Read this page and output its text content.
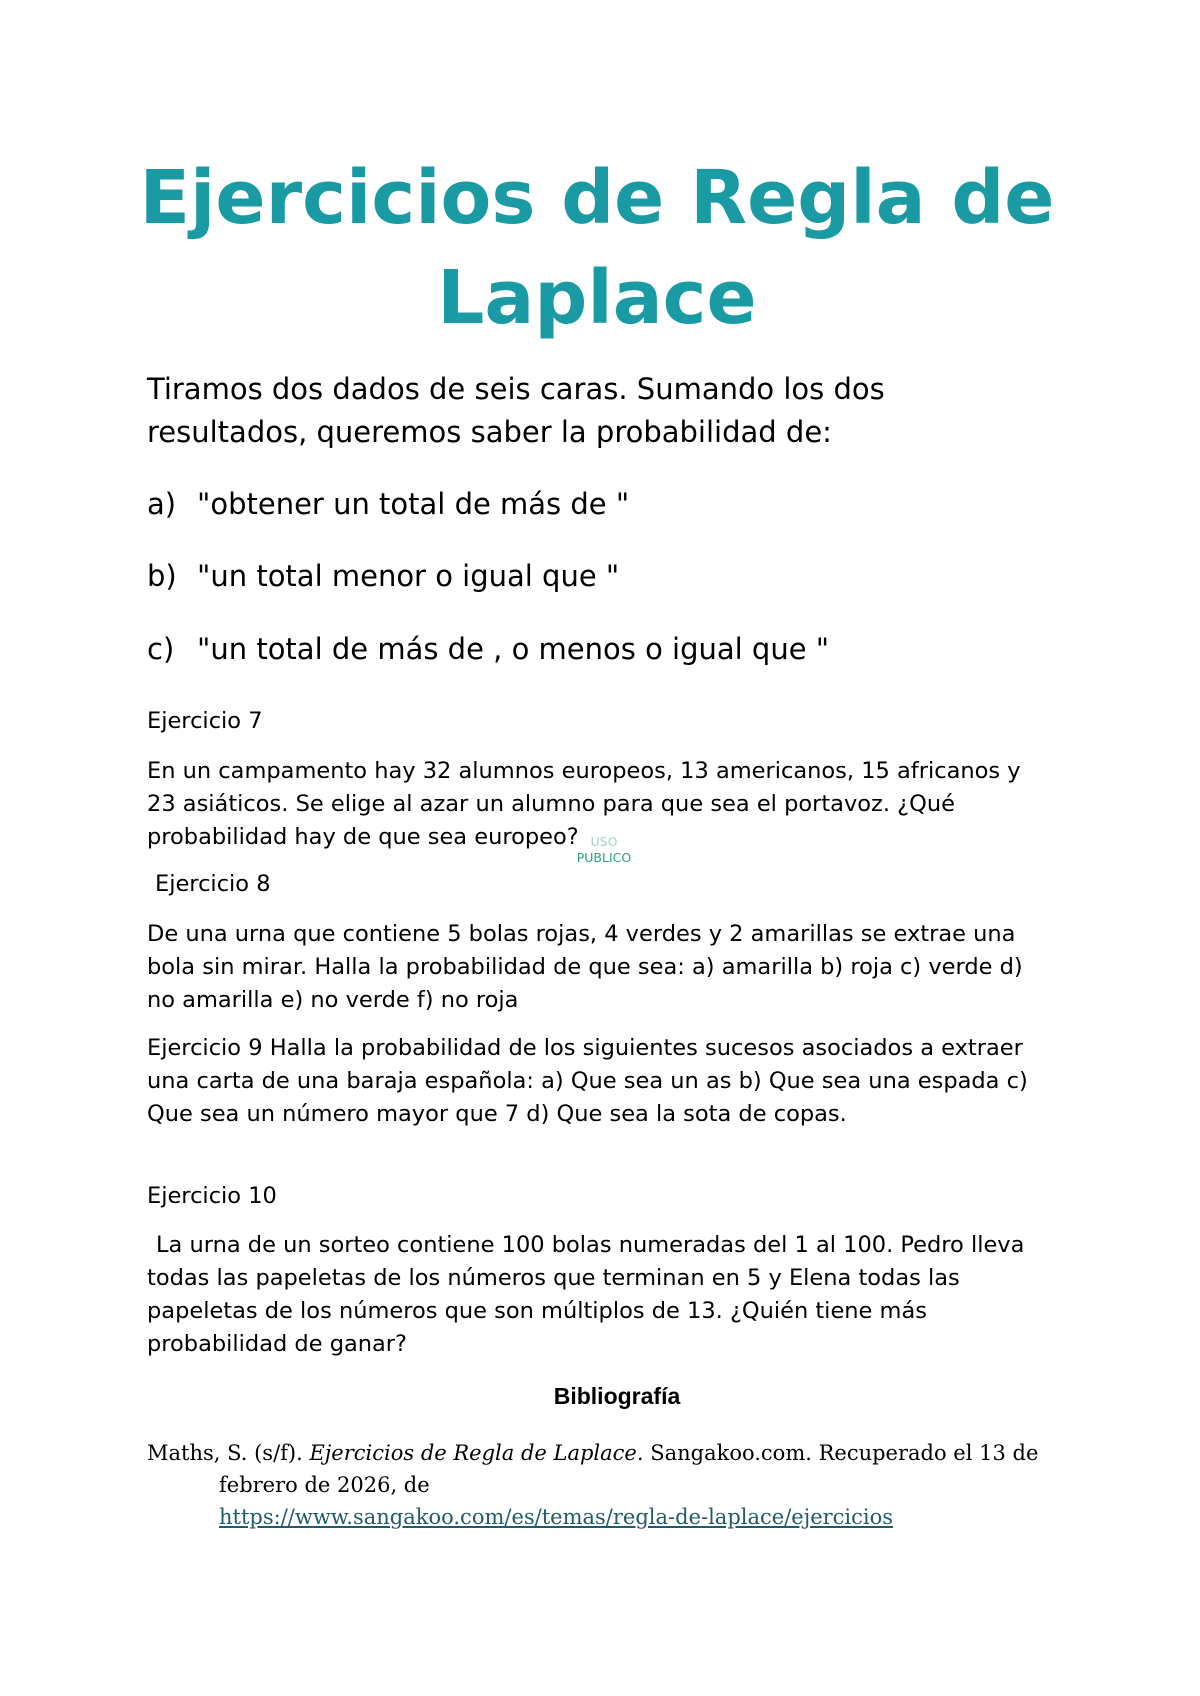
Ejercicios de Regla de Laplace

Tiramos dos dados de seis caras. Sumando los dos resultados, queremos saber la probabilidad de:

a) "obtener un total de más de "

b) "un total menor o igual que "

c) "un total de más de , o menos o igual que "

Ejercicio 7

En un campamento hay 32 alumnos europeos, 13 americanos, 15 africanos y 23 asiáticos. Se elige al azar un alumno para que sea el portavoz. ¿Qué probabilidad hay de que sea europeo? USO
PUBLICO

Ejercicio 8

De una urna que contiene 5 bolas rojas, 4 verdes y 2 amarillas se extrae una bola sin mirar. Halla la probabilidad de que sea: a) amarilla b) roja c) verde d) no amarilla e) no verde f) no roja

Ejercicio 9 Halla la probabilidad de los siguientes sucesos asociados a extraer una carta de una baraja española: a) Que sea un as b) Que sea una espada c) Que sea un número mayor que 7 d) Que sea la sota de copas.

Ejercicio 10

La urna de un sorteo contiene 100 bolas numeradas del 1 al 100. Pedro lleva todas las papeletas de los números que terminan en 5 y Elena todas las papeletas de los números que son múltiplos de 13. ¿Quién tiene más probabilidad de ganar?

Bibliografía

Maths, S. (s/f). Ejercicios de Regla de Laplace. Sangakoo.com. Recuperado el 13 de
febrero de 2026, de
https://www.sangakoo.com/es/temas/regla-de-laplace/ejercicios
